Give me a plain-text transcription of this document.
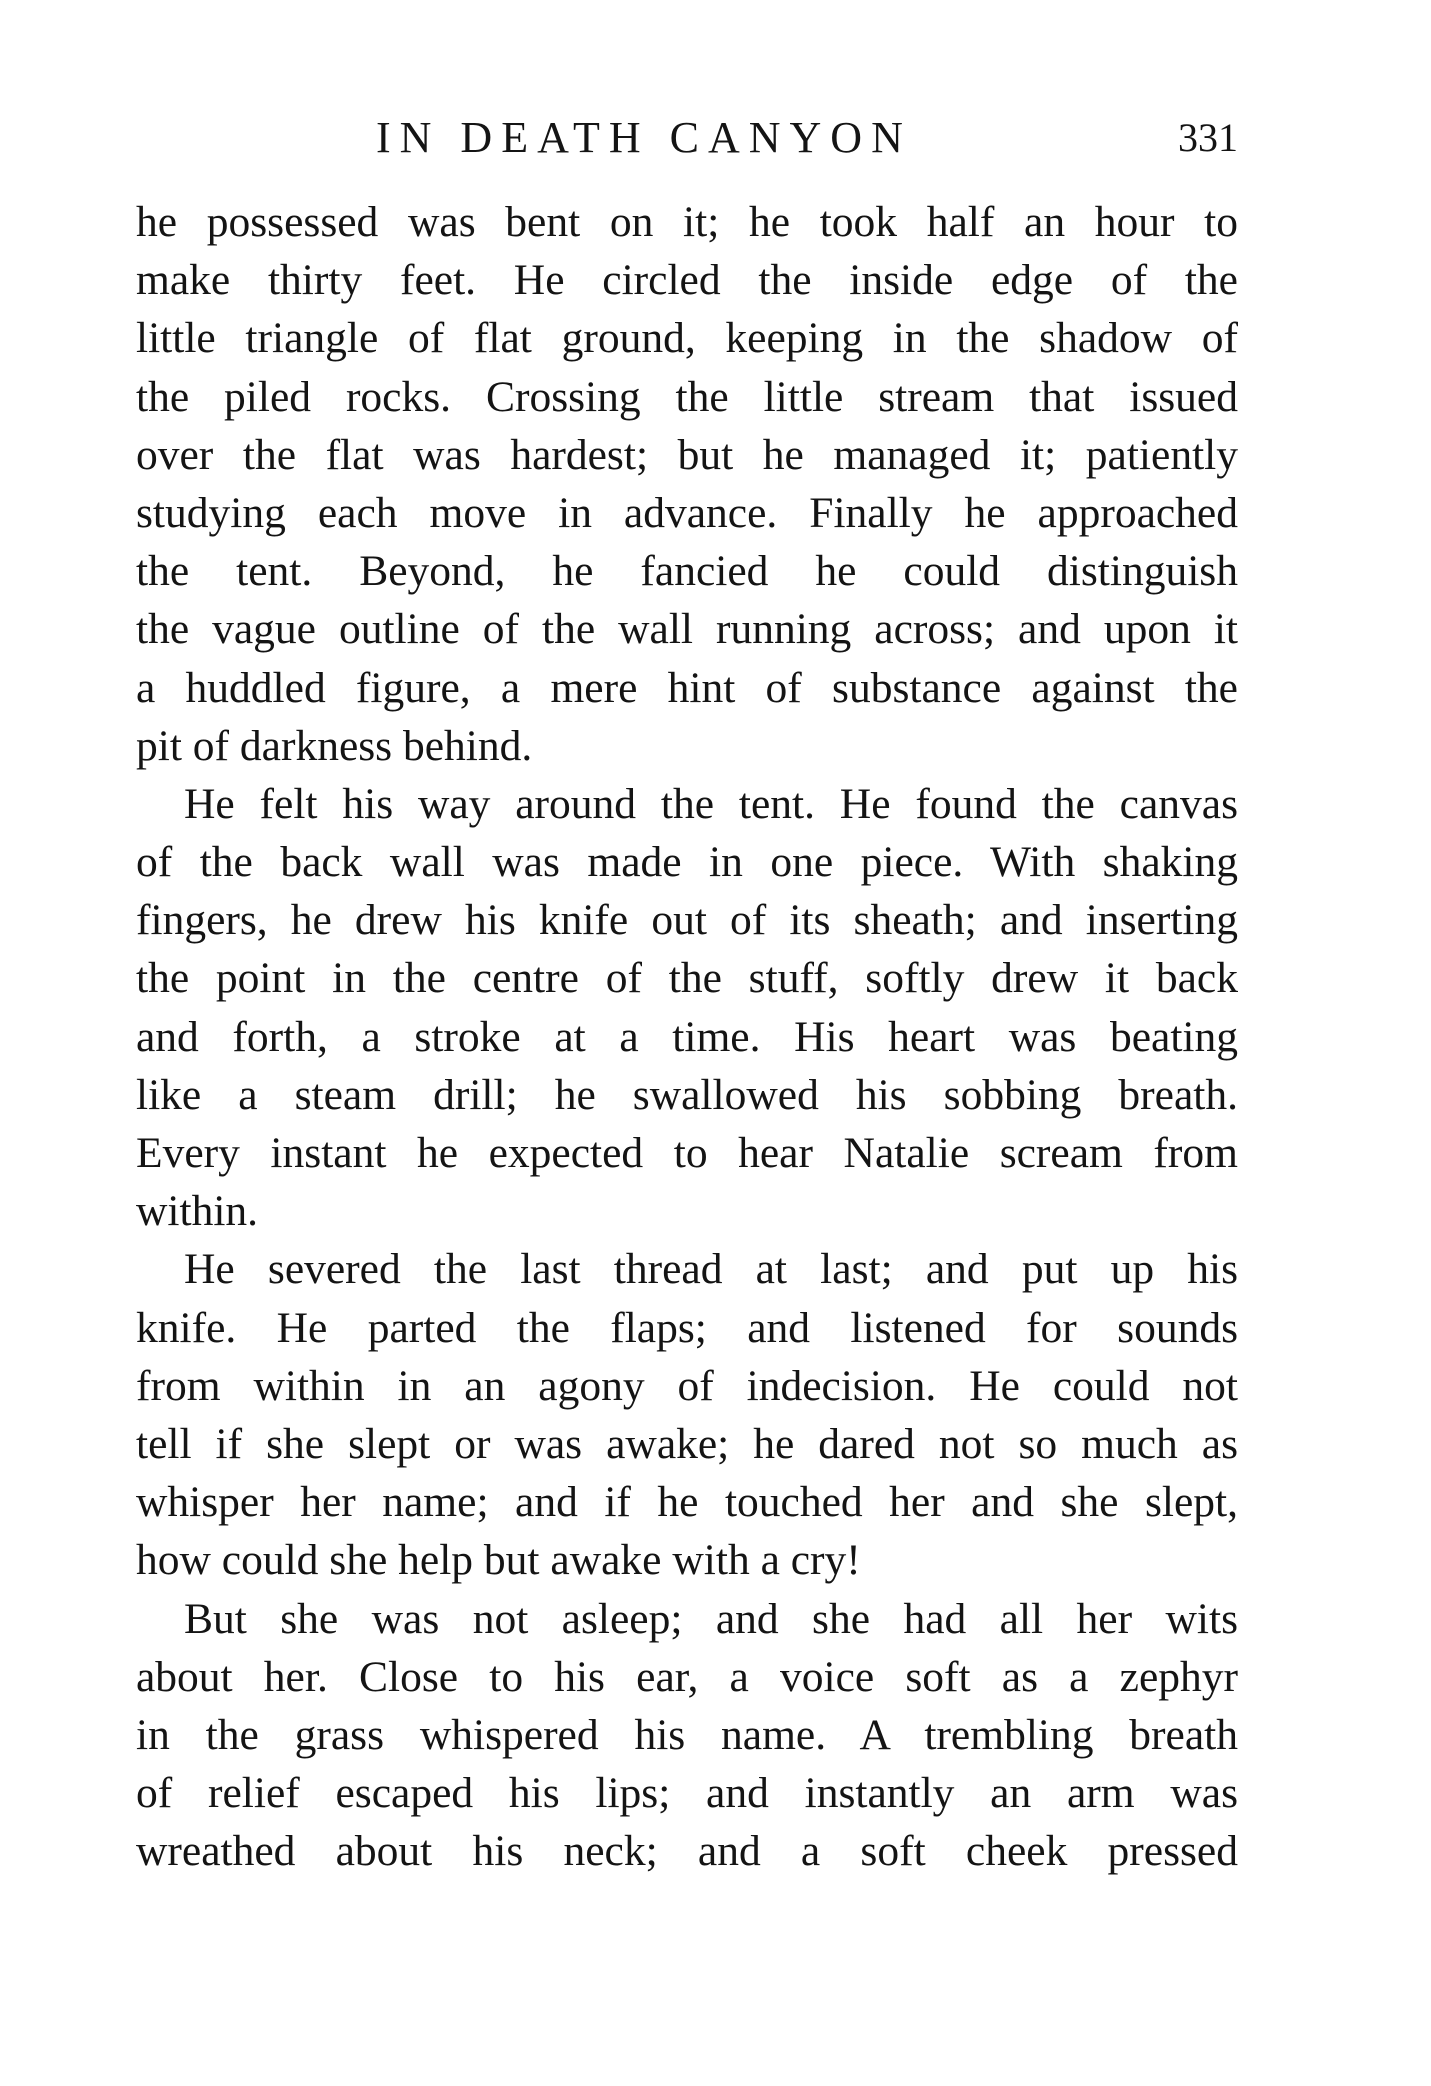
IN DEATH CANYON	331
he possessed was bent on it; he took half an hour to
make thirty feet. He circled the inside edge of the
little triangle of flat ground, keeping in the shadow of
the piled rocks. Crossing the little stream that issued
over the flat was hardest; but he managed it; patiently
studying each move in advance. Finally he approached
the tent. Beyond, he fancied he could distinguish
the vague outline of the wall running across; and upon it
a huddled figure, a mere hint of substance against the
pit of darkness behind.
He felt his way around the tent. He found the canvas
of the back wall was made in one piece. With shaking
fingers, he drew his knife out of its sheath; and inserting
the point in the centre of the stuff, softly drew it back
and forth, a stroke at a time. His heart was beating
like a steam drill; he swallowed his sobbing breath.
Every instant he expected to hear Natalie scream from
within.
He severed the last thread at last; and put up his
knife. He parted the flaps; and listened for sounds
from within in an agony of indecision. He could not
tell if she slept or was awake; he dared not so much as
whisper her name; and if he touched her and she slept,
how could she help but awake with a cry!
But she was not asleep; and she had all her wits
about her. Close to his ear, a voice soft as a zephyr
in the grass whispered his name. A trembling breath
of relief escaped his lips; and instantly an arm was
wreathed about his neck; and a soft cheek pressed
